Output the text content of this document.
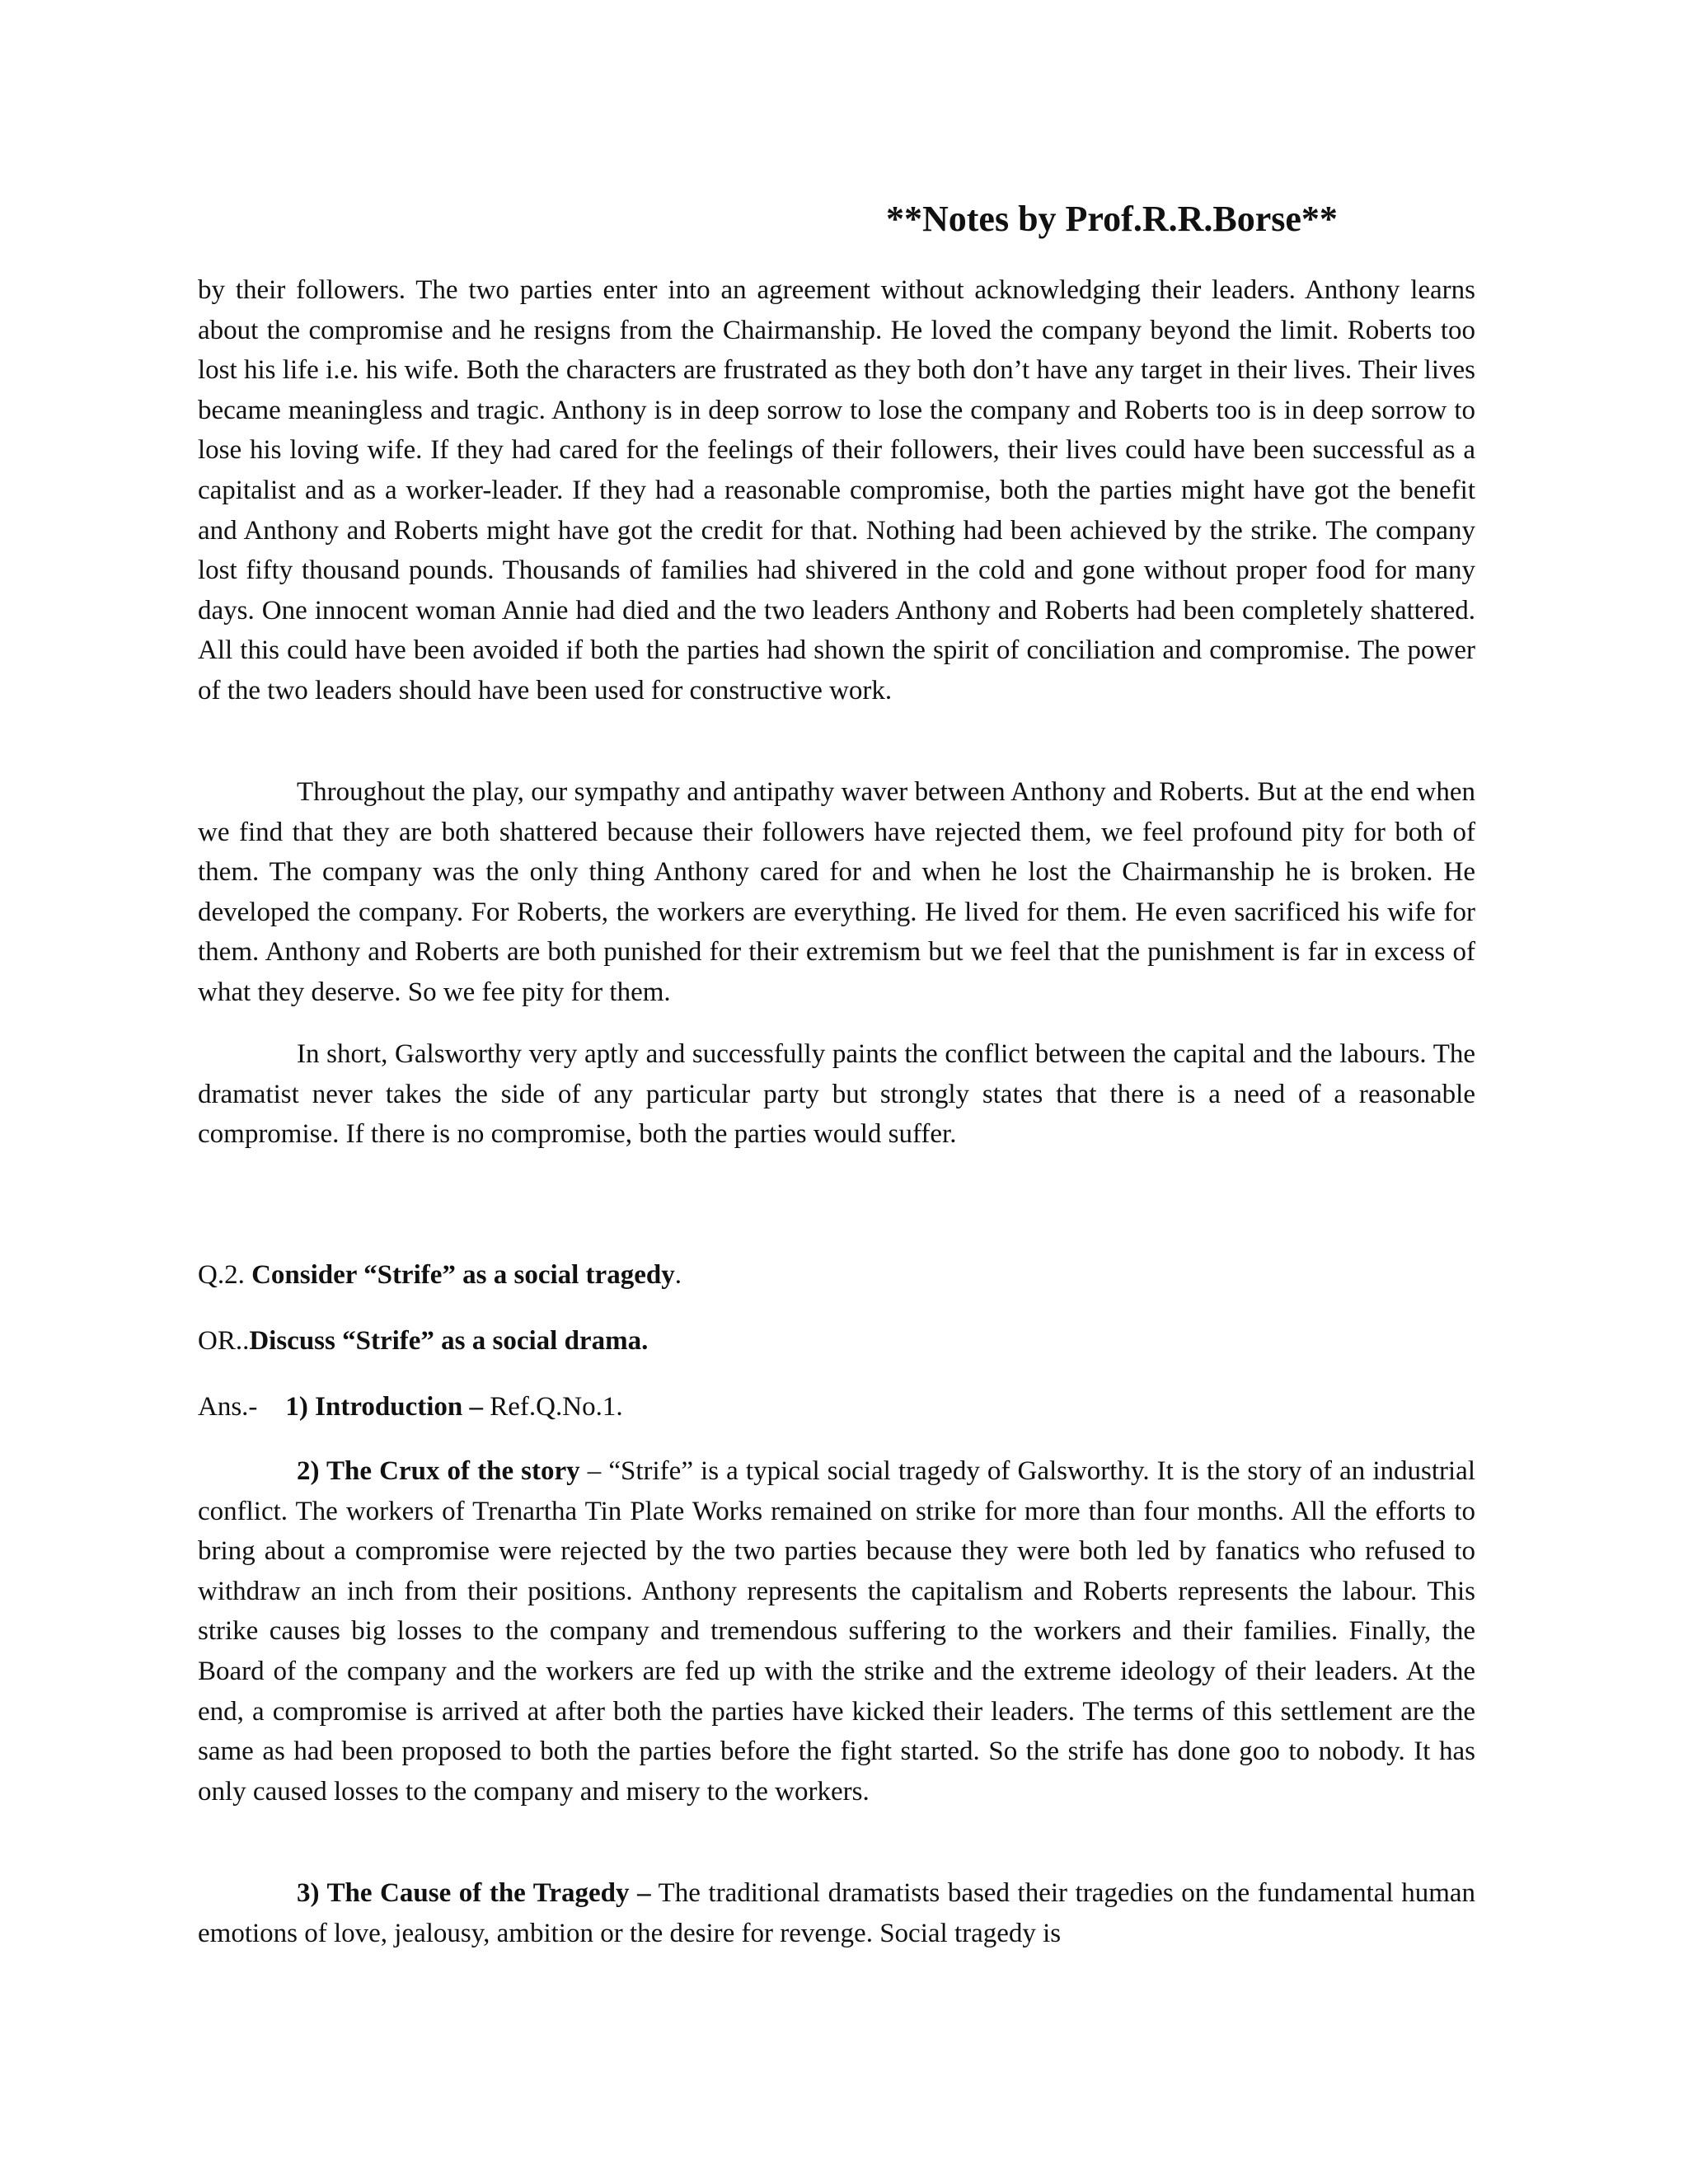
**Notes by Prof.R.R.Borse**

by their followers. The two parties enter into an agreement without acknowledging their leaders. Anthony learns about the compromise and he resigns from the Chairmanship. He loved the company beyond the limit. Roberts too lost his life i.e. his wife. Both the characters are frustrated as they both don’t have any target in their lives. Their lives became meaningless and tragic. Anthony is in deep sorrow to lose the company and Roberts too is in deep sorrow to lose his loving wife. If they had cared for the feelings of their followers, their lives could have been successful as a capitalist and as a worker-leader. If they had a reasonable compromise, both the parties might have got the benefit and Anthony and Roberts might have got the credit for that. Nothing had been achieved by the strike. The company lost fifty thousand pounds. Thousands of families had shivered in the cold and gone without proper food for many days. One innocent woman Annie had died and the two leaders Anthony and Roberts had been completely shattered. All this could have been avoided if both the parties had shown the spirit of conciliation and compromise. The power of the two leaders should have been used for constructive work.

Throughout the play, our sympathy and antipathy waver between Anthony and Roberts. But at the end when we find that they are both shattered because their followers have rejected them, we feel profound pity for both of them. The company was the only thing Anthony cared for and when he lost the Chairmanship he is broken. He developed the company. For Roberts, the workers are everything. He lived for them. He even sacrificed his wife for them. Anthony and Roberts are both punished for their extremism but we feel that the punishment is far in excess of what they deserve. So we fee pity for them.

In short, Galsworthy very aptly and successfully paints the conflict between the capital and the labours. The dramatist never takes the side of any particular party but strongly states that there is a need of a reasonable compromise. If there is no compromise, both the parties would suffer.

Q.2. Consider “Strife” as a social tragedy.

OR..Discuss “Strife” as a social drama.

Ans.- 1) Introduction – Ref.Q.No.1.

2) The Crux of the story – “Strife” is a typical social tragedy of Galsworthy. It is the story of an industrial conflict. The workers of Trenartha Tin Plate Works remained on strike for more than four months. All the efforts to bring about a compromise were rejected by the two parties because they were both led by fanatics who refused to withdraw an inch from their positions. Anthony represents the capitalism and Roberts represents the labour. This strike causes big losses to the company and tremendous suffering to the workers and their families. Finally, the Board of the company and the workers are fed up with the strike and the extreme ideology of their leaders. At the end, a compromise is arrived at after both the parties have kicked their leaders. The terms of this settlement are the same as had been proposed to both the parties before the fight started. So the strife has done goo to nobody. It has only caused losses to the company and misery to the workers.

3) The Cause of the Tragedy – The traditional dramatists based their tragedies on the fundamental human emotions of love, jealousy, ambition or the desire for revenge. Social tragedy is
